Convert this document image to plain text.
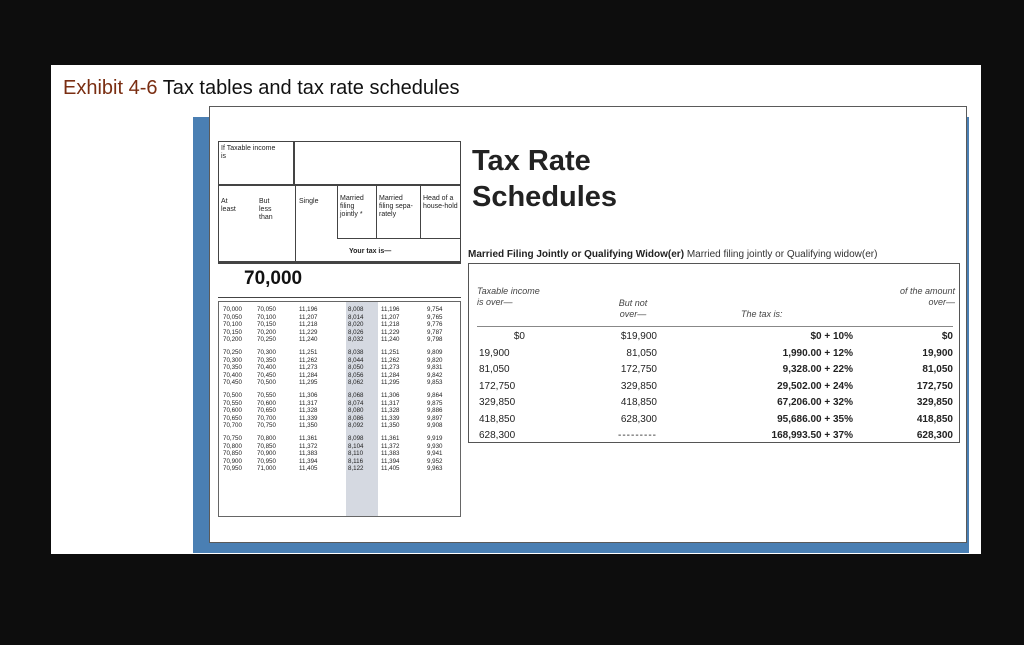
Exhibit 4-6 Tax tables and tax rate schedules
If Taxable income is
At least
But less than
Single	Married filing jointly *
Married filing sepa-rately
Head of a house-hold
Your tax is—
70,000
70,000 70,050	11,196	8,008	11,196	9,754
70,050 70,100	11,207	8,014	11,207	9,765
70,100 70,150	11,218	8,020	11,218	9,776
70,150 70,200	11,229	8,026	11,229	9,787
70,200 70,250	11,240	8,032	11,240	9,798
70,250 70,300	11,251	8,038	11,251	9,809
70,300 70,350	11,262	8,044	11,262	9,820
70,350 70,400	11,273	8,050	11,273	9,831
70,400 70,450	11,284	8,056	11,284	9,842
70,450 70,500	11,295	8,062	11,295	9,853
70,500 70,550	11,306	8,068	11,306	9,864
70,550 70,600	11,317	8,074	11,317	9,875
70,600 70,650	11,328	8,080	11,328	9,886
70,650 70,700	11,339	8,086	11,339	9,897
70,700 70,750	11,350	8,092	11,350	9,908
70,750 70,800	11,361	8,098	11,361	9,919
70,800 70,850	11,372	8,104	11,372	9,930
70,850 70,900	11,383	8,110	11,383	9,941
70,900 70,950	11,394	8,116	11,394	9,952
70,950 71,000	11,405	8,122	11,405	9,963
Tax Rate
Schedules
Married Filing Jointly or Qualifying Widow(er) Married filing jointly or Qualifying widow(er)
Taxable income is over—	But not over—	The tax is:
of the amount over—
$0	$19,900	$0 + 10%	$0
19,900	81,050	1,990.00 + 12%	19,900
81,050	172,750	9,328.00 + 22%	81,050
172,750	329,850	29,502.00 + 24%	172,750
329,850	418,850	67,206.00 + 32%	329,850
418,850	628,300	95,686.00 + 35%	418,850
628,300	---------	168,993.50 + 37%	628,300
